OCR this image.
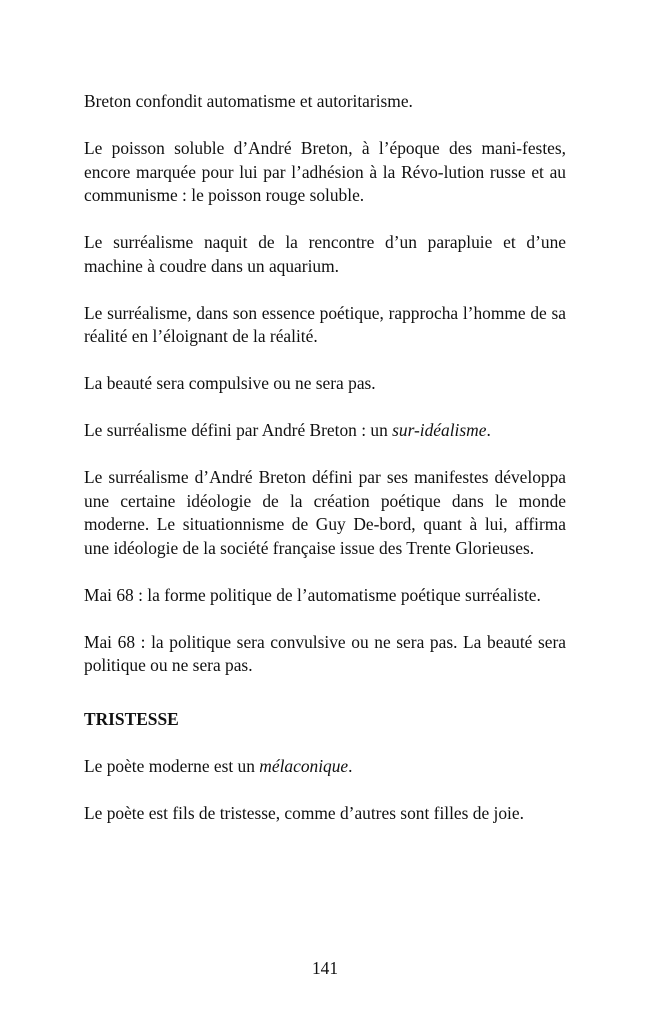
Breton confondit automatisme et autoritarisme.

Le poisson soluble d’André Breton, à l’époque des mani-festes, encore marquée pour lui par l’adhésion à la Révo-lution russe et au communisme : le poisson rouge soluble.

Le surréalisme naquit de la rencontre d’un parapluie et d’une machine à coudre dans un aquarium.

Le surréalisme, dans son essence poétique, rapprocha l’homme de sa réalité en l’éloignant de la réalité.

La beauté sera compulsive ou ne sera pas.

Le surréalisme défini par André Breton : un sur-idéalisme.

Le surréalisme d’André Breton défini par ses manifestes développa une certaine idéologie de la création poétique dans le monde moderne. Le situationnisme de Guy De-bord, quant à lui, affirma une idéologie de la société française issue des Trente Glorieuses.

Mai 68 : la forme politique de l’automatisme poétique surréaliste.

Mai 68 : la politique sera convulsive ou ne sera pas. La beauté sera politique ou ne sera pas.

TRISTESSE

Le poète moderne est un mélaconique.

Le poète est fils de tristesse, comme d’autres sont filles de joie.

141
